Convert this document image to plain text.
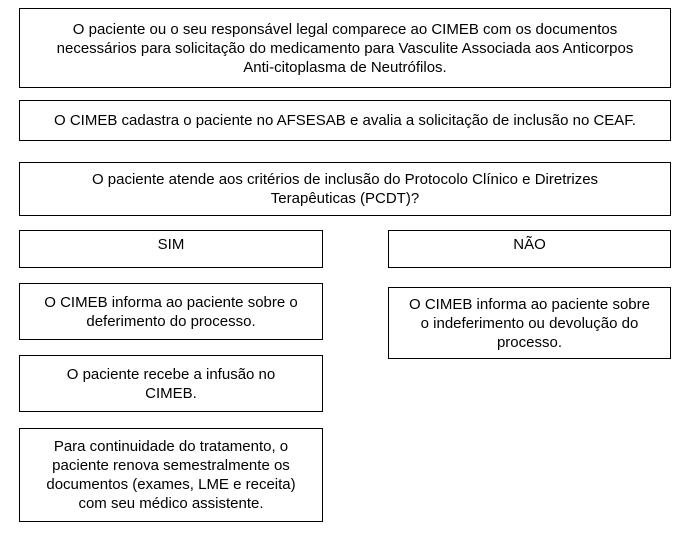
O paciente ou o seu responsável legal comparece ao CIMEB com os documentos
necessários para solicitação do medicamento para Vasculite Associada aos Anticorpos
Anti-citoplasma de Neutrófilos.
O CIMEB cadastra o paciente no AFSESAB e avalia a solicitação de inclusão no CEAF.
O paciente atende aos critérios de inclusão do Protocolo Clínico e Diretrizes
Terapêuticas (PCDT)?
SIM	NÃO
O CIMEB informa ao paciente sobre o
deferimento do processo.
O paciente recebe a infusão no
CIMEB.
Para continuidade do tratamento, o
paciente renova semestralmente os
documentos (exames, LME e receita)
com seu médico assistente.
O CIMEB informa ao paciente sobre
o indeferimento ou devolução do
processo.
